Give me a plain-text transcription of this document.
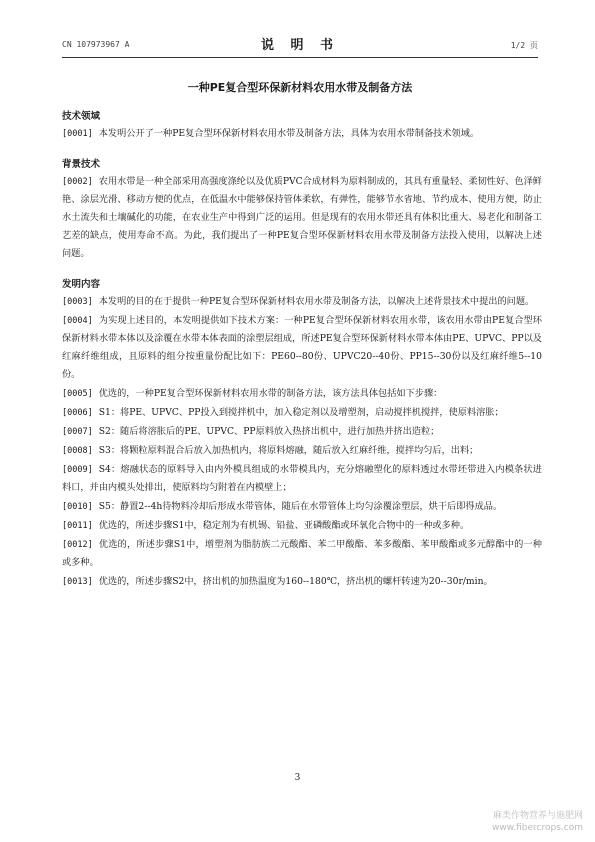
CN 107973967 A	说 明 书	1/2 页
一种PE复合型环保新材料农用水带及制备方法
技术领域

[0001] 本发明公开了一种PE复合型环保新材料农用水带及制备方法，具体为农用水带制备技术领域。

背景技术

[0002] 农用水带是一种全部采用高强度涤纶以及优质PVC合成材料为原料制成的，其具有重量轻、柔韧性好、色泽鲜艳、涂层光滑、移动方便的优点，在低温水中能够保持管体柔软，有弹性，能够节水省地、节约成本、使用方便，防止水土流失和土壤碱化的功能，在农业生产中得到广泛的运用。但是现有的农用水带还具有体积比重大、易老化和制备工艺差的缺点，使用寿命不高。为此，我们提出了一种PE复合型环保新材料农用水带及制备方法投入使用，以解决上述问题。

发明内容

[0003] 本发明的目的在于提供一种PE复合型环保新材料农用水带及制备方法，以解决上述背景技术中提出的问题。

[0004] 为实现上述目的，本发明提供如下技术方案：一种PE复合型环保新材料农用水带，该农用水带由PE复合型环保新材料水带本体以及涂覆在水带本体表面的涂塑层组成，所述PE复合型环保新材料水带本体由PE、UPVC、PP以及红麻纤维组成，且原料的组分按重量份配比如下：PE60--80份、UPVC20--40份、PP15--30份以及红麻纤维5--10份。

[0005] 优选的，一种PE复合型环保新材料农用水带的制备方法，该方法具体包括如下步骤：

[0006] S1：将PE、UPVC、PP投入到搅拌机中，加入稳定剂以及增塑剂，启动搅拌机搅拌，使原料溶胀；

[0007] S2：随后将溶胀后的PE、UPVC、PP原料放入热挤出机中，进行加热并挤出造粒；

[0008] S3：将颗粒原料混合后放入加热机内，将原料熔融，随后放入红麻纤维，搅拌均匀后，出料；

[0009] S4：熔融状态的原料导入由内外模具组成的水带模具内，充分熔融塑化的原料透过水带坯带进入内模条状进料口，并由内模头处排出，使原料均匀附着在内模壁上；

[0010] S5：静置2--4h待物料冷却后形成水带管体，随后在水带管体上均匀涂覆涂塑层，烘干后即得成品。

[0011] 优选的，所述步骤S1中，稳定剂为有机锡、铅盐、亚磷酸酯或环氧化合物中的一种或多种。

[0012] 优选的，所述步骤S1中，增塑剂为脂肪族二元酸酯、苯二甲酸酯、苯多酸酯、苯甲酸酯或多元醇酯中的一种或多种。

[0013] 优选的，所述步骤S2中，挤出机的加热温度为160--180℃，挤出机的螺杆转速为20--30r/min。

3
麻类作物营养与施肥网
www.fibercrops.com
